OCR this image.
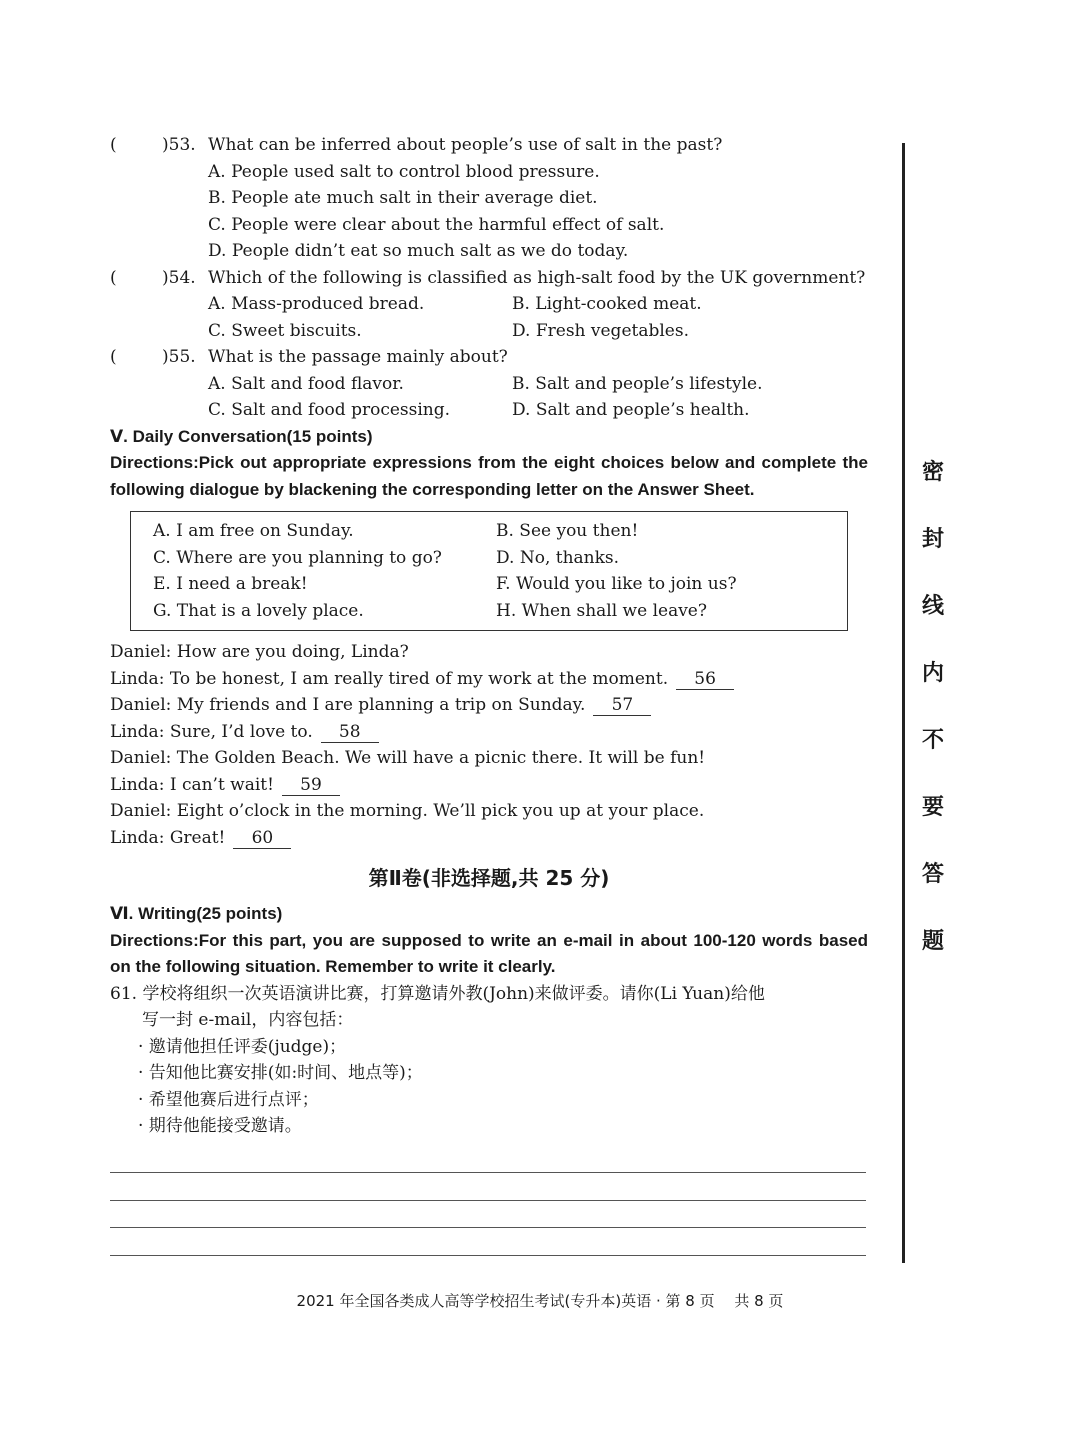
(	)53. What can be inferred about people’s use of salt in the past?
A. People used salt to control blood pressure.
B. People ate much salt in their average diet.
C. People were clear about the harmful effect of salt.
D. People didn’t eat so much salt as we do today.
(	)54. Which of the following is classified as high-salt food by the UK government?
A. Mass-produced bread.	B. Light-cooked meat.
C. Sweet biscuits.	D. Fresh vegetables.
(	)55. What is the passage mainly about?
A. Salt and food flavor.	B. Salt and people’s lifestyle.
C. Salt and food processing.	D. Salt and people’s health.
Ⅴ. Daily Conversation(15 points)
Directions:Pick out appropriate expressions from the eight choices below and complete the following dialogue by blackening the corresponding letter on the Answer Sheet.
A. I am free on Sunday.	B. See you then!
C. Where are you planning to go?	D. No, thanks.
E. I need a break!	F. Would you like to join us?
G. That is a lovely place.	H. When shall we leave?
Daniel: How are you doing, Linda?
Linda: To be honest, I am really tired of my work at the moment. 56
Daniel: My friends and I are planning a trip on Sunday. 57
Linda: Sure, I’d love to. 58
Daniel: The Golden Beach. We will have a picnic there. It will be fun!
Linda: I can’t wait! 59
Daniel: Eight o’clock in the morning. We’ll pick you up at your place.
Linda: Great! 60
第Ⅱ卷(非选择题,共 25 分)
Ⅵ. Writing(25 points)
Directions:For this part, you are supposed to write an e-mail in about 100-120 words based on the following situation. Remember to write it clearly.
61. 学校将组织一次英语演讲比赛，打算邀请外教(John)来做评委。请你(Li Yuan)给他
写一封 e-mail，内容包括：
· 邀请他担任评委(judge)；
· 告知他比赛安排(如:时间、地点等)；
· 希望他赛后进行点评；
· 期待他能接受邀请。
密
封
线
内
不
要
答
题
2021 年全国各类成人高等学校招生考试(专升本)英语 · 第 8 页　 共 8 页
